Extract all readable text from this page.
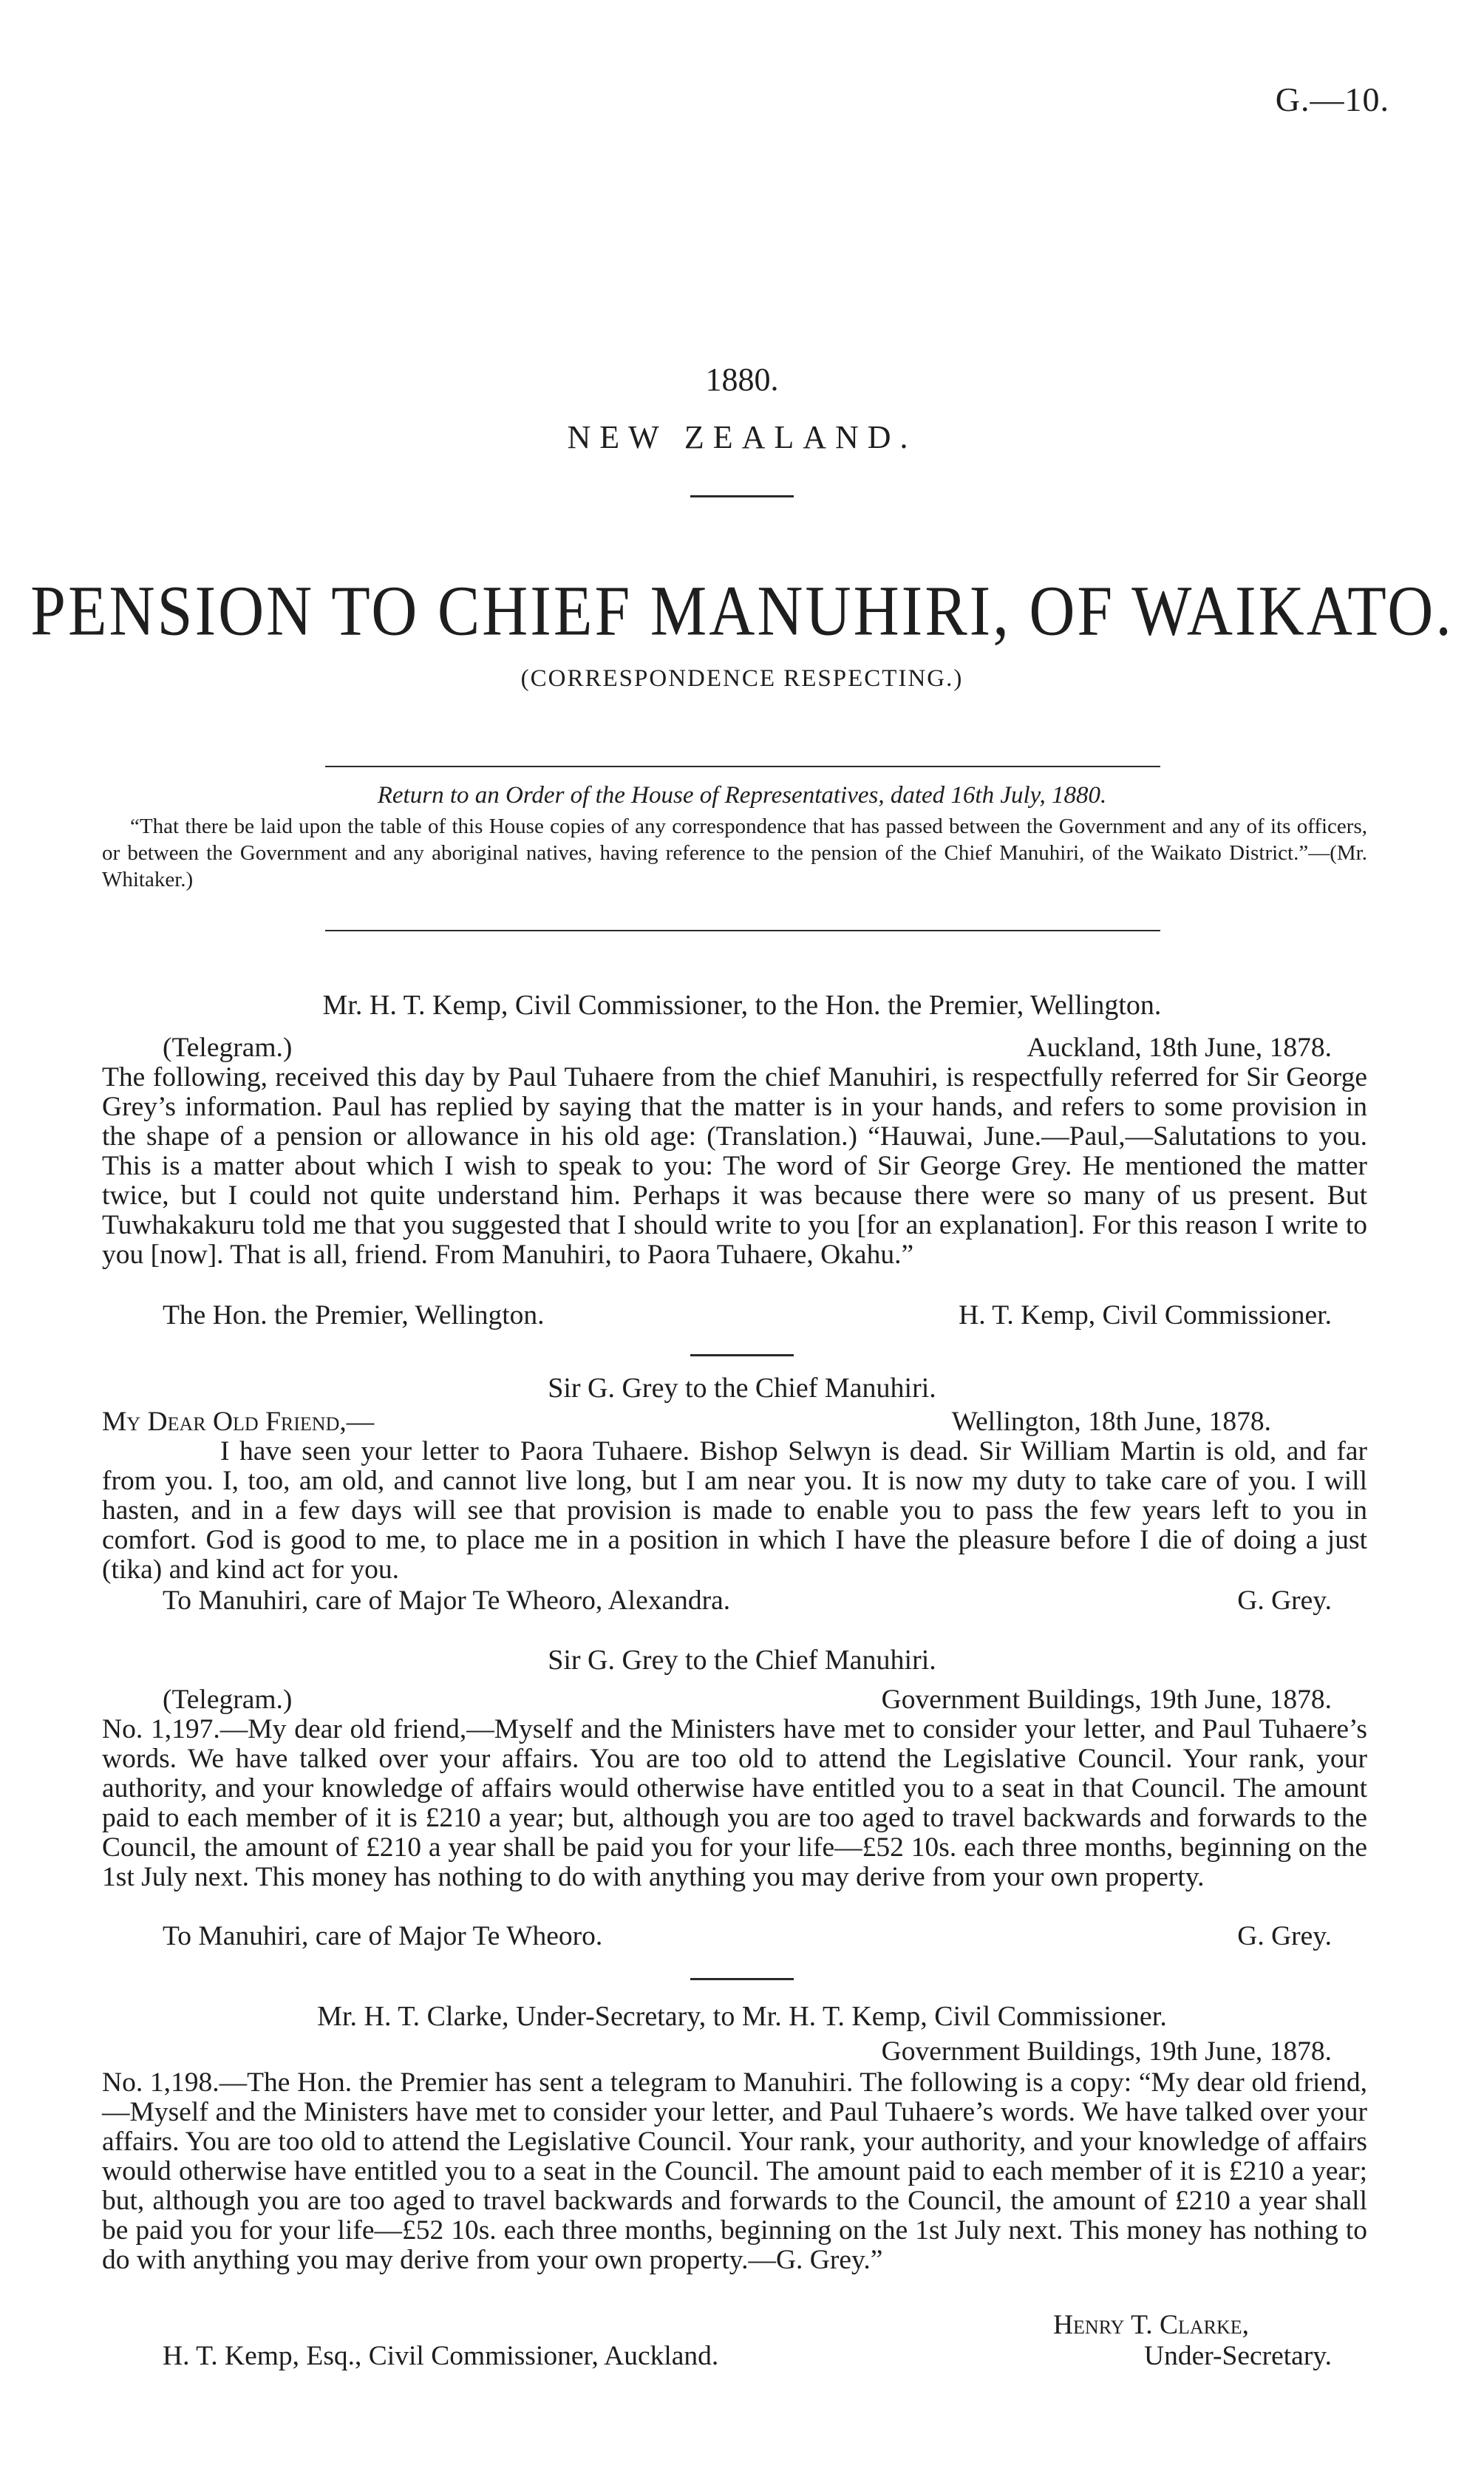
G.—10.
1880.
NEW ZEALAND.
PENSION TO CHIEF MANUHIRI, OF WAIKATO.
(CORRESPONDENCE RESPECTING.)
Return to an Order of the House of Representatives, dated 16th July, 1880.
“That there be laid upon the table of this House copies of any correspondence that has passed between the Government and any of its officers, or between the Government and any aboriginal natives, having reference to the pension of the Chief Manuhiri, of the Waikato District.”—(Mr. Whitaker.)
Mr. H. T. Kemp, Civil Commissioner, to the Hon. the Premier, Wellington.
(Telegram.)	Auckland, 18th June, 1878.
The following, received this day by Paul Tuhaere from the chief Manuhiri, is respectfully referred for Sir George Grey’s information. Paul has replied by saying that the matter is in your hands, and refers to some provision in the shape of a pension or allowance in his old age: (Translation.) “Hauwai, June.—Paul,—Salutations to you. This is a matter about which I wish to speak to you: The word of Sir George Grey. He mentioned the matter twice, but I could not quite understand him. Perhaps it was because there were so many of us present. But Tuwhakakuru told me that you suggested that I should write to you [for an explanation]. For this reason I write to you [now]. That is all, friend. From Manuhiri, to Paora Tuhaere, Okahu.”
The Hon. the Premier, Wellington.	H. T. Kemp, Civil Commissioner.
Sir G. Grey to the Chief Manuhiri.
My Dear Old Friend,—	Wellington, 18th June, 1878.
I have seen your letter to Paora Tuhaere. Bishop Selwyn is dead. Sir William Martin is old, and far from you. I, too, am old, and cannot live long, but I am near you. It is now my duty to take care of you. I will hasten, and in a few days will see that provision is made to enable you to pass the few years left to you in comfort. God is good to me, to place me in a position in which I have the pleasure before I die of doing a just (tika) and kind act for you.
To Manuhiri, care of Major Te Wheoro, Alexandra.	G. Grey.
Sir G. Grey to the Chief Manuhiri.
(Telegram.)	Government Buildings, 19th June, 1878.
No. 1,197.—My dear old friend,—Myself and the Ministers have met to consider your letter, and Paul Tuhaere’s words. We have talked over your affairs. You are too old to attend the Legislative Council. Your rank, your authority, and your knowledge of affairs would otherwise have entitled you to a seat in that Council. The amount paid to each member of it is £210 a year; but, although you are too aged to travel backwards and forwards to the Council, the amount of £210 a year shall be paid you for your life—£52 10s. each three months, beginning on the 1st July next. This money has nothing to do with anything you may derive from your own property.
To Manuhiri, care of Major Te Wheoro.	G. Grey.
Mr. H. T. Clarke, Under-Secretary, to Mr. H. T. Kemp, Civil Commissioner.
Government Buildings, 19th June, 1878.
No. 1,198.—The Hon. the Premier has sent a telegram to Manuhiri. The following is a copy: “My dear old friend,—Myself and the Ministers have met to consider your letter, and Paul Tuhaere’s words. We have talked over your affairs. You are too old to attend the Legislative Council. Your rank, your authority, and your knowledge of affairs would otherwise have entitled you to a seat in the Council. The amount paid to each member of it is £210 a year; but, although you are too aged to travel backwards and forwards to the Council, the amount of £210 a year shall be paid you for your life—£52 10s. each three months, beginning on the 1st July next. This money has nothing to do with anything you may derive from your own property.—G. Grey.”
Henry T. Clarke,
H. T. Kemp, Esq., Civil Commissioner, Auckland.	Under-Secretary.
